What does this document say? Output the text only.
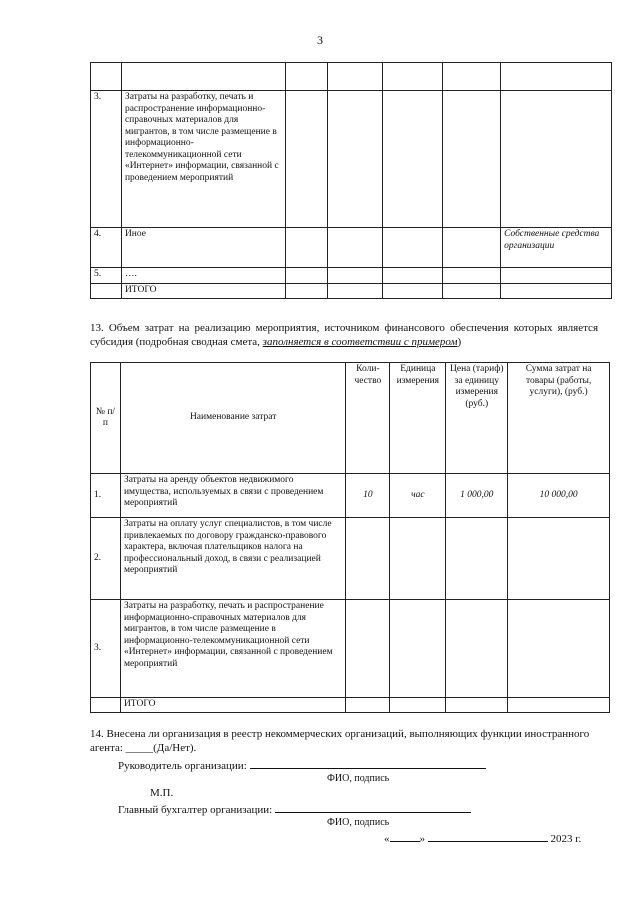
3

3.	Затраты на разработку, печать и распространение информационно-справочных материалов для мигрантов, в том числе размещение в информационно-телекоммуникационной сети «Интернет» информации, связанной с проведением мероприятий					
4.	Иное					Собственные средства организации
5.	….					
	ИТОГО					
13. Объем затрат на реализацию мероприятия, источником финансового обеспечения которых является субсидия (подробная сводная смета, заполняется в соответствии с примером)
№ п/п	Наименование затрат	Коли-чество	Единица измерения	Цена (тариф) за единицу измерения (руб.)	Сумма затрат на товары (работы, услуги), (руб.)
1.	Затраты на аренду объектов недвижимого имущества, используемых в связи с проведением мероприятий	10	час	1 000,00	10 000,00
2.	Затраты на оплату услуг специалистов, в том числе привлекаемых по договору гражданско-правового характера, включая плательщиков налога на профессиональный доход, в связи с реализацией мероприятий				
3.	Затраты на разработку, печать и распространение информационно-справочных материалов для мигрантов, в том числе размещение в информационно-телекоммуникационной сети «Интернет» информации, связанной с проведением мероприятий				
	ИТОГО				
14. Внесена ли организация в реестр некоммерческих организаций, выполняющих функции иностранного агента: _____(Да/Нет).
Руководитель организации:
ФИО, подпись
М.П.
Главный бухгалтер организации:
ФИО, подпись
«	»	2023 г.
